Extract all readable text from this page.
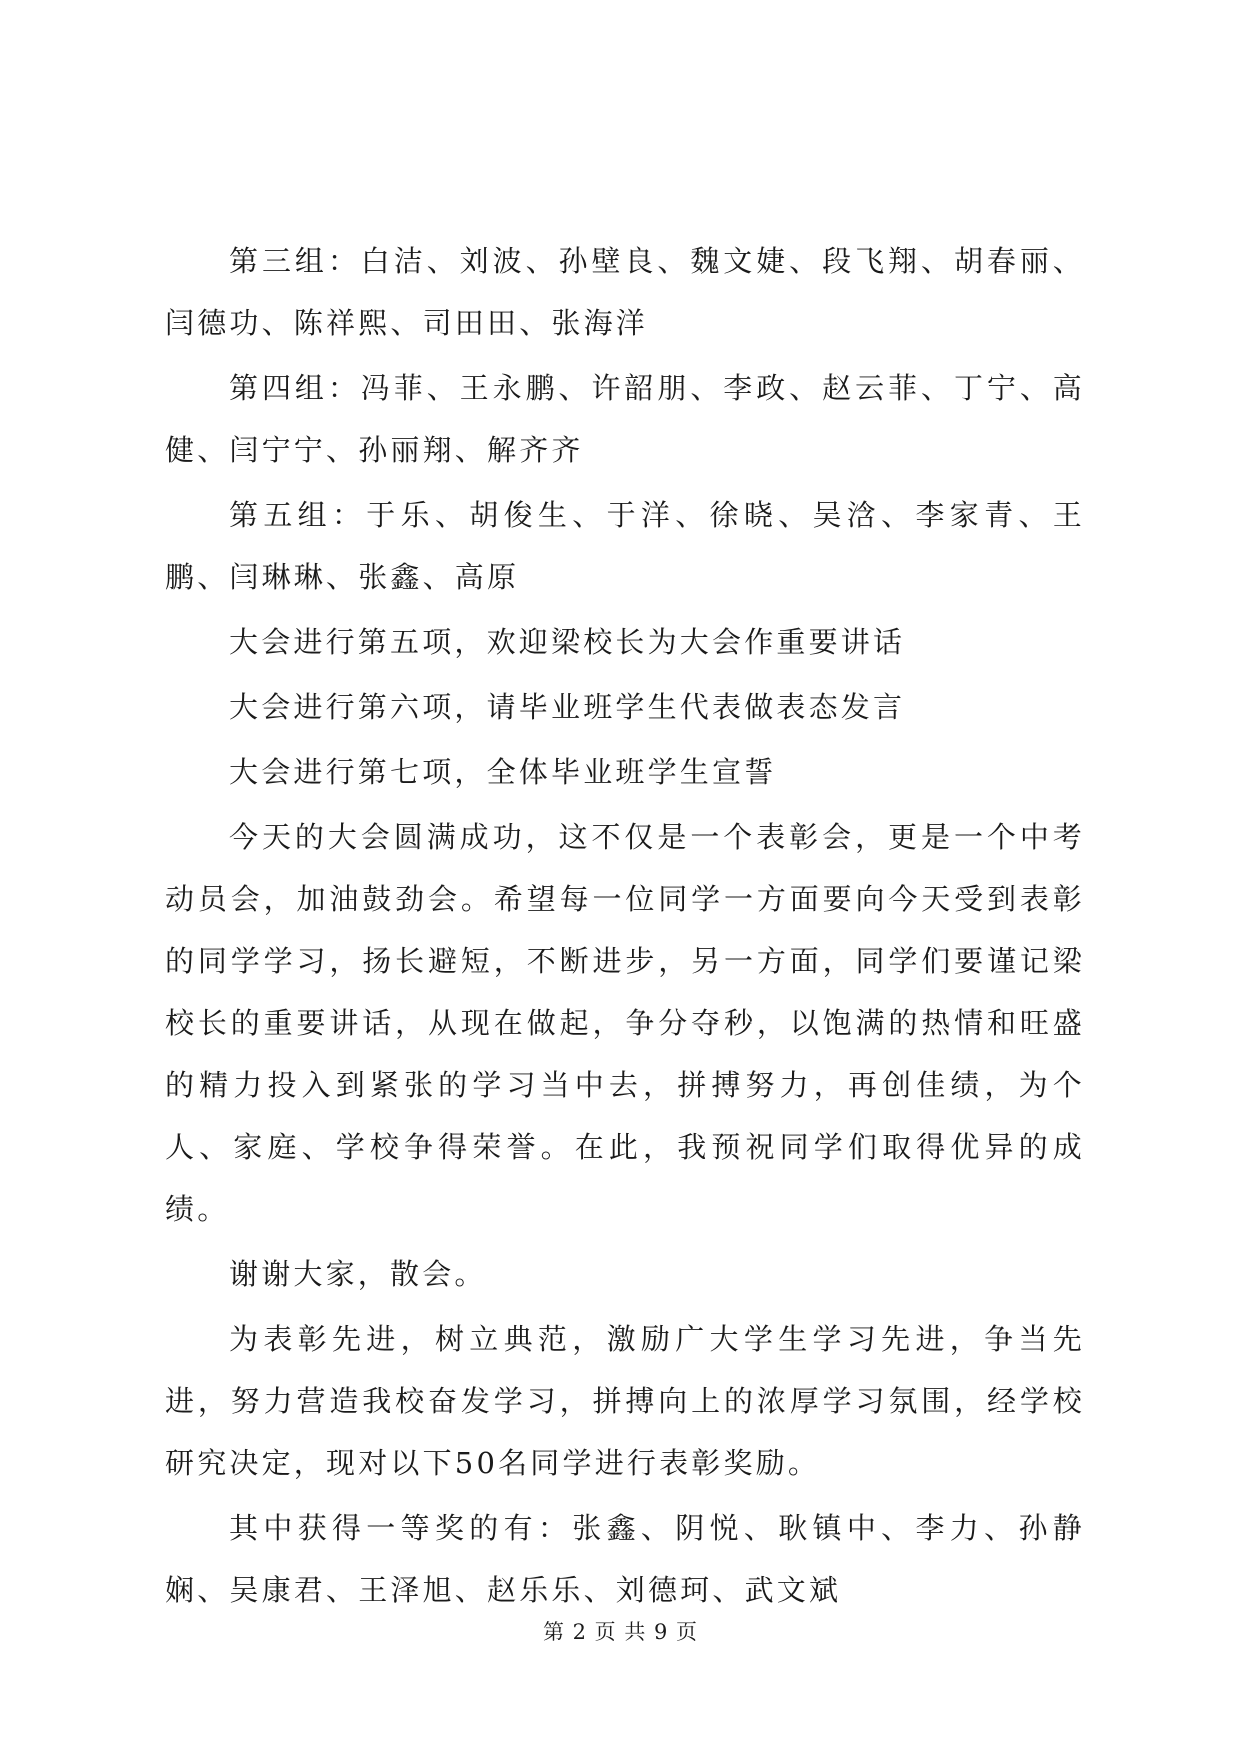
第三组：白洁、刘波、孙壁良、魏文婕、段飞翔、胡春丽、闫德功、陈祥熙、司田田、张海洋

第四组：冯菲、王永鹏、许韶朋、李政、赵云菲、丁宁、高健、闫宁宁、孙丽翔、解齐齐

第五组：于乐、胡俊生、于洋、徐晓、吴浛、李家青、王鹏、闫琳琳、张鑫、高原

大会进行第五项，欢迎梁校长为大会作重要讲话

大会进行第六项，请毕业班学生代表做表态发言

大会进行第七项，全体毕业班学生宣誓

今天的大会圆满成功，这不仅是一个表彰会，更是一个中考动员会，加油鼓劲会。希望每一位同学一方面要向今天受到表彰的同学学习，扬长避短，不断进步，另一方面，同学们要谨记梁校长的重要讲话，从现在做起，争分夺秒，以饱满的热情和旺盛的精力投入到紧张的学习当中去，拼搏努力，再创佳绩，为个人、家庭、学校争得荣誉。在此，我预祝同学们取得优异的成绩。

谢谢大家，散会。

为表彰先进，树立典范，激励广大学生学习先进，争当先进，努力营造我校奋发学习，拼搏向上的浓厚学习氛围，经学校研究决定，现对以下50名同学进行表彰奖励。

其中获得一等奖的有：张鑫、阴悦、耿镇中、李力、孙静娴、吴康君、王泽旭、赵乐乐、刘德珂、武文斌

第 2 页 共 9 页
